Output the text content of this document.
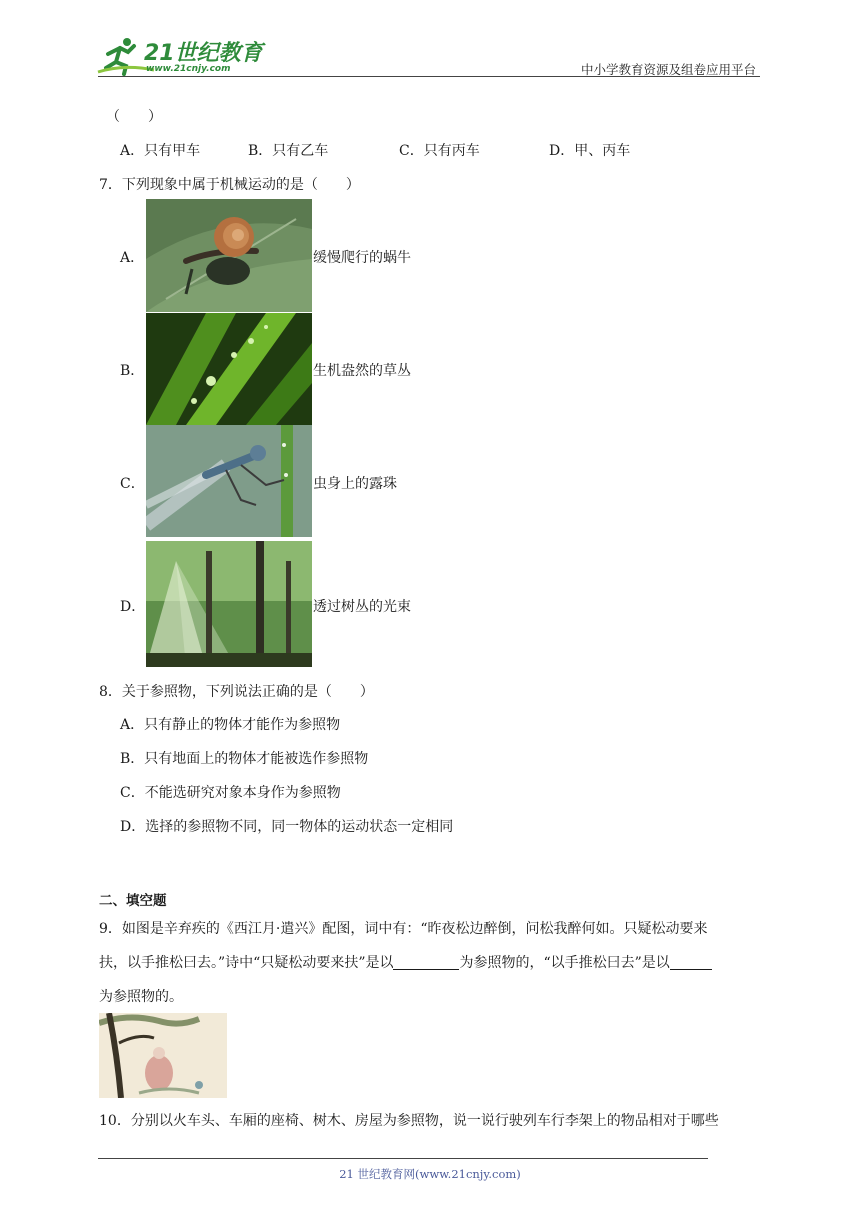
21世纪教育
www.21cnjy.com	中小学教育资源及组卷应用平台
（　　）
A．只有甲车	B．只有乙车	C．只有丙车	D．甲、丙车
7．下列现象中属于机械运动的是（　　）
A．	缓慢爬行的蜗牛
B．	生机盎然的草丛
C．	虫身上的露珠
D．	透过树丛的光束
8．关于参照物，下列说法正确的是（　　）
A．只有静止的物体才能作为参照物
B．只有地面上的物体才能被选作参照物
C．不能选研究对象本身作为参照物
D．选择的参照物不同，同一物体的运动状态一定相同
二、填空题
9．如图是辛弃疾的《西江月·遣兴》配图，词中有：“昨夜松边醉倒，问松我醉何如。只疑松动要来
扶，以手推松曰去。”诗中“只疑松动要来扶”是以	为参照物的，“以手推松曰去”是以
为参照物的。
10．分别以火车头、车厢的座椅、树木、房屋为参照物，说一说行驶列车行李架上的物品相对于哪些
21 世纪教育网(www.21cnjy.com)
